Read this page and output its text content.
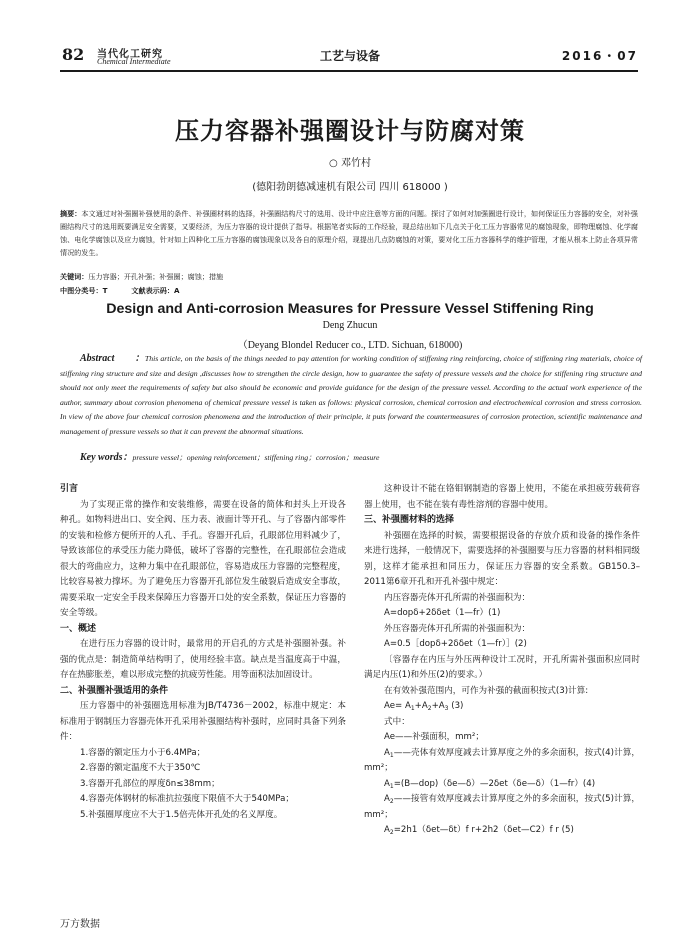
82 当代化工研究
Chemical Intermediate	工艺与设备	2016・07
压力容器补强圈设计与防腐对策
○ 邓竹村
(德阳勃朗德减速机有限公司 四川 618000 )
摘要：本文通过对补强圈补强使用的条件、补强圈材料的选择，补强圈结构尺寸的选用、设计中应注意等方面的问题。探讨了如何对加强圈进行设计，如何保证压力容器的安全，对补强圈结构尺寸的选用既要满足安全需要，又要经济，为压力容器的设计提供了指导。根据笔者实际的工作经验，现总结出如下几点关于化工压力容器常见的腐蚀现象，即物理腐蚀、化学腐蚀、电化学腐蚀以及应力腐蚀，针对如上四种化工压力容器的腐蚀现象以及各自的原理介绍，现提出几点防腐蚀的对策，要对化工压力容器科学的维护管理，才能从根本上防止各项异常情况的发生。
关键词：压力容器；开孔补强；补强圈；腐蚀；措施
中图分类号：T	文献表示码：A
Design and Anti-corrosion Measures for Pressure Vessel Stiffening Ring
Deng Zhucun
（Deyang Blondel Reducer co., LTD. Sichuan, 618000)
Abstract ：This article, on the basis of the things needed to pay attention for working condition of stiffening ring reinforcing, choice of stiffening ring materials, choice of stiffening ring structure and size and design ,discusses how to strengthen the circle design, how to guarantee the safety of pressure vessels and the choice for stiffening ring structure and should not only meet the requirements of safety but also should be economic and provide guidance for the design of the pressure vessel. According to the actual work experience of the author, summary about corrosion phenomena of chemical pressure vessel is taken as follows: physical corrosion, chemical corrosion and electrochemical corrosion and stress corrosion. In view of the above four chemical corrosion phenomena and the introduction of their principle, it puts forward the countermeasures of corrosion protection, scientific maintenance and management of pressure vessels so that it can prevent the abnormal situations.
Key words：pressure vessel；opening reinforcement；stiffening ring；corrosion；measure

引言

为了实现正常的操作和安装维修，需要在设备的简体和封头上开设各种孔。如物料进出口、安全阀、压力表、液面计等开孔、与了容器内部零件的安装和检修方便所开的人孔、手孔。容器开孔后，孔眼部位用料减少了，导致该部位的承受压力能力降低，破坏了容器的完整性，在孔眼部位会造成很大的弯曲应力，这种力集中在孔眼部位，容易造成压力容器的完整程度，比较容易被力撑坏。为了避免压力容器开孔部位发生破裂后造成安全事故，需要采取一定安全手段来保障压力容器开口处的安全系数，保证压力容器的安全等级。

一、概述

在进行压力容器的设计时，最常用的开启孔的方式是补强圈补强。补强的优点是：制造简单结构明了，使用经验丰富。缺点是当温度高于中温，存在热膨胀差，难以形成完整的抗疲劳性能。用等面积法加固设计。

二、补强圈补强适用的条件

压力容器中的补强圈选用标准为JB/T4736－2002，标准中规定：本标准用于钢制压力容器壳体开孔采用补强圈结构补强时，应同时具备下列条件：

1.容器的额定压力小于6.4MPa；

2.容器的额定温度不大于350℃

3.容器开孔部位的厚度δn≤38mm；

4.容器壳体钢材的标准抗拉强度下限值不大于540MPa；

5.补强圈厚度应不大于1.5倍壳体开孔处的名义厚度。

这种设计不能在铬钼钢制造的容器上使用，不能在承担疲劳载荷容器上使用，也不能在装有毒性溶剂的容器中使用。

三、补强圈材料的选择

补强圈在选择的时候，需要根据设备的存放介质和设备的操作条件来进行选择，一般情况下，需要选择的补强圈要与压力容器的材料相同级别，这样才能承担和同压力，保证压力容器的安全系数。GB150.3–2011第6章开孔和开孔补强中规定：

内压容器壳体开孔所需的补强面积为：

A=dopδ+2δδet（1—fr）(1)

外压容器壳体开孔所需的补强面积为：

A=0.5［dopδ+2δδet（1—fr）］(2)

〔容器存在内压与外压两种设计工况时，开孔所需补强面积应同时满足内压(1)和外压(2)的要求。）

在有效补强范围内，可作为补强的截面积按式(3)计算:

$Ae= A_1+A_2+A_3$ (3)

式中：

Ae——补强面积，mm²；

$A_1——$壳体有效厚度减去计算厚度之外的多余面积，按式(4)计算，mm²；

$A_1=(B—dop)(\delta e—\delta)—2\delta et(\delta e—\delta)(1—fr)(4)$

$A_2——$接管有效厚度减去计算厚度之外的多余面积，按式(5)计算，mm²；

$A_2=2h1(\delta et—\delta t)f$ r+2h2（δet—C2）f r (5)

万方数据
